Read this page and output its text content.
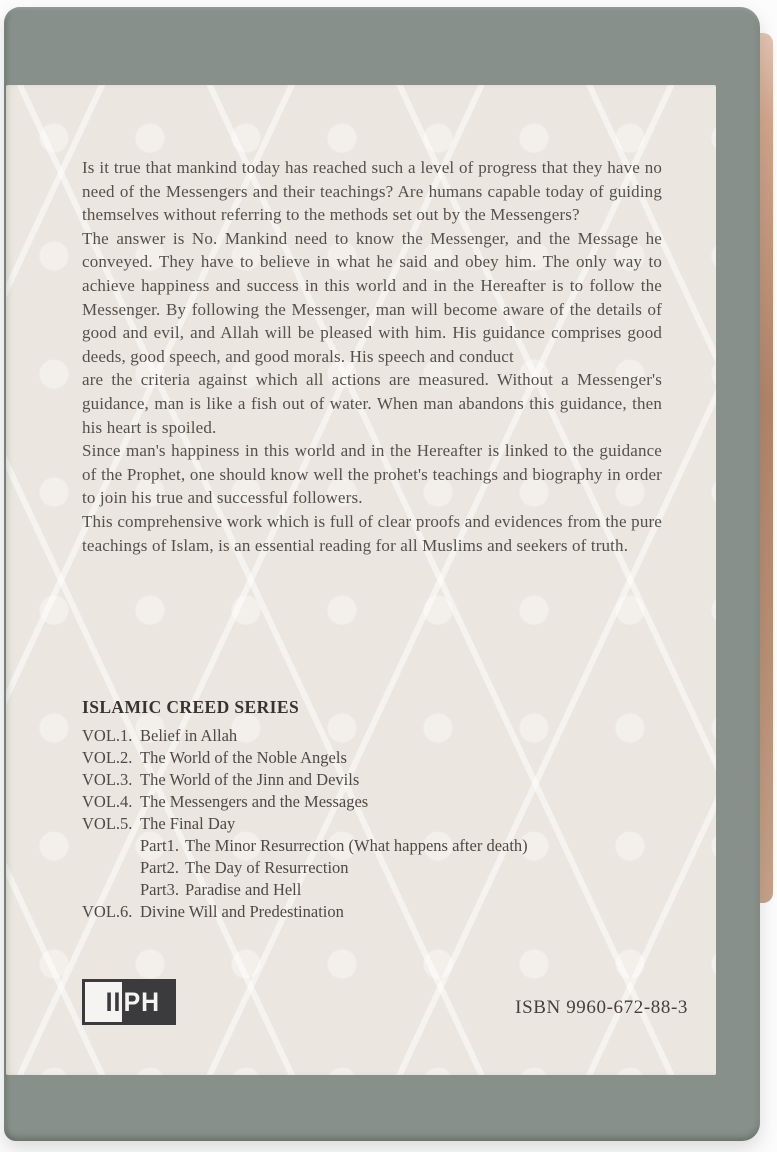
Is it true that mankind today has reached such a level of progress that they have no need of the Messengers and their teachings? Are humans capable today of guiding themselves without referring to the methods set out by the Messengers?

The answer is No. Mankind need to know the Messenger, and the Message he conveyed. They have to believe in what he said and obey him. The only way to achieve happiness and success in this world and in the Hereafter is to follow the Messenger. By following the Messenger, man will become aware of the details of good and evil, and Allah will be pleased with him. His guidance comprises good deeds, good speech, and good morals. His speech and conduct

are the criteria against which all actions are measured. Without a Messenger's guidance, man is like a fish out of water. When man abandons this guidance, then his heart is spoiled.

Since man's happiness in this world and in the Hereafter is linked to the guidance of the Prophet, one should know well the prohet's teachings and biography in order to join his true and successful followers.

This comprehensive work which is full of clear proofs and evidences from the pure teachings of Islam, is an essential reading for all Muslims and seekers of truth.

ISLAMIC CREED SERIES
VOL.1. Belief in Allah
VOL.2. The World of the Noble Angels
VOL.3. The World of the Jinn and Devils
VOL.4. The Messengers and the Messages
VOL.5. The Final Day
Part1. The Minor Resurrection (What happens after death)
Part2. The Day of Resurrection
Part3. Paradise and Hell
VOL.6. Divine Will and Predestination
II PH	ISBN 9960-672-88-3
